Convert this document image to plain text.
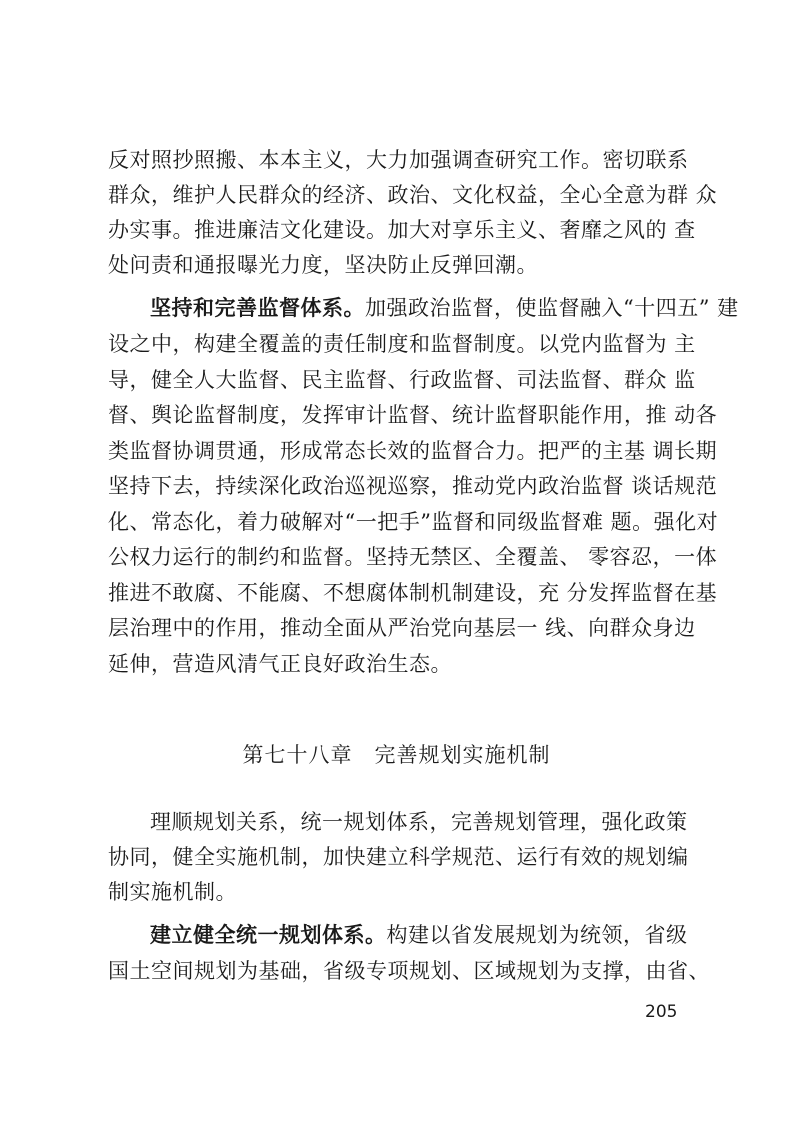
反对照抄照搬、本本主义，大力加强调查研究工作。密切联系
群众，维护人民群众的经济、政治、文化权益，全心全意为群 众
办实事。推进廉洁文化建设。加大对享乐主义、奢靡之风的 查
处问责和通报曝光力度，坚决防止反弹回潮。
坚持和完善监督体系。加强政治监督，使监督融入“十四五” 建
设之中，构建全覆盖的责任制度和监督制度。以党内监督为 主
导，健全人大监督、民主监督、行政监督、司法监督、群众 监
督、舆论监督制度，发挥审计监督、统计监督职能作用，推 动各
类监督协调贯通，形成常态长效的监督合力。把严的主基 调长期
坚持下去，持续深化政治巡视巡察，推动党内政治监督 谈话规范
化、常态化，着力破解对“一把手”监督和同级监督难 题。强化对
公权力运行的制约和监督。坚持无禁区、全覆盖、 零容忍，一体
推进不敢腐、不能腐、不想腐体制机制建设，充 分发挥监督在基
层治理中的作用，推动全面从严治党向基层一 线、向群众身边
延伸，营造风清气正良好政治生态。
第七十八章　完善规划实施机制
理顺规划关系，统一规划体系，完善规划管理，强化政策
协同，健全实施机制，加快建立科学规范、运行有效的规划编
制实施机制。
建立健全统一规划体系。构建以省发展规划为统领，省级
国土空间规划为基础，省级专项规划、区域规划为支撑，由省、
205
